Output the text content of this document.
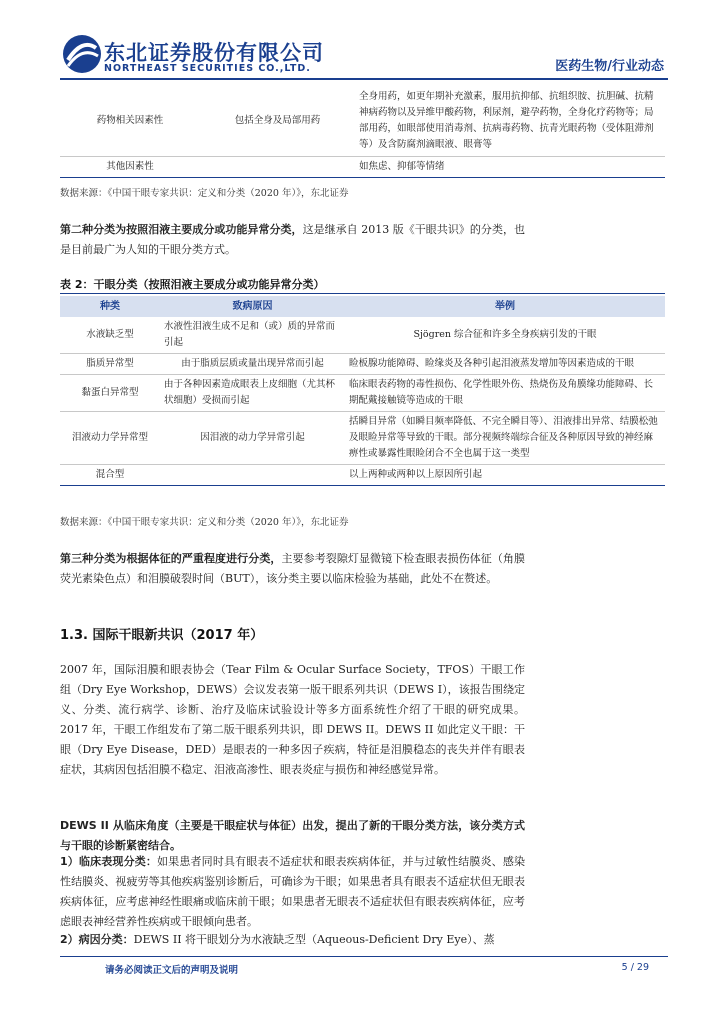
东北证券股份有限公司
NORTHEAST SECURITIES CO.,LTD.	医药生物/行业动态
药物相关因素性	包括全身及局部用药	全身用药，如更年期补充激素，服用抗抑郁、抗组织胺、抗胆碱、抗精神病药物以及异维甲酸药物，利尿剂，避孕药物，全身化疗药物等；局部用药，如眼部使用消毒剂、抗病毒药物、抗青光眼药物（受体阻滞剂等）及含防腐剂滴眼液、眼膏等
其他因素性		如焦虑、抑郁等情绪
数据来源：《中国干眼专家共识：定义和分类（2020 年）》，东北证券
第二种分类为按照泪液主要成分或功能异常分类，这是继承自 2013 版《干眼共识》的分类，也是目前最广为人知的干眼分类方式。
表 2：干眼分类（按照泪液主要成分或功能异常分类）
种类	致病原因	举例
水液缺乏型	水液性泪液生成不足和（或）质的异常而引起	Sjögren 综合征和许多全身疾病引发的干眼
脂质异常型	由于脂质层质或量出现异常而引起	睑板腺功能障碍、睑缘炎及各种引起泪液蒸发增加等因素造成的干眼
黏蛋白异常型	由于各种因素造成眼表上皮细胞（尤其杯状细胞）受损而引起	临床眼表药物的毒性损伤、化学性眼外伤、热烧伤及角膜缘功能障碍、长期配戴接触镜等造成的干眼
泪液动力学异常型	因泪液的动力学异常引起	括瞬目异常（如瞬目频率降低、不完全瞬目等）、泪液排出异常、结膜松弛及眼睑异常等导致的干眼。部分视频终端综合征及各种原因导致的神经麻痹性或暴露性眼睑闭合不全也属于这一类型
混合型		以上两种或两种以上原因所引起
数据来源：《中国干眼专家共识：定义和分类（2020 年）》，东北证券
第三种分类为根据体征的严重程度进行分类，主要参考裂隙灯显微镜下检查眼表损伤体征（角膜荧光素染色点）和泪膜破裂时间（BUT），该分类主要以临床检验为基础，此处不在赘述。
1.3. 国际干眼新共识（2017 年）
2007 年，国际泪膜和眼表协会（Tear Film & Ocular Surface Society，TFOS）干眼工作组（Dry Eye Workshop，DEWS）会议发表第一版干眼系列共识（DEWS I），该报告围绕定义、分类、流行病学、诊断、治疗及临床试验设计等多方面系统性介绍了干眼的研究成果。2017 年，干眼工作组发布了第二版干眼系列共识，即 DEWS II。DEWS II 如此定义干眼：干眼（Dry Eye Disease，DED）是眼表的一种多因子疾病，特征是泪膜稳态的丧失并伴有眼表症状，其病因包括泪膜不稳定、泪液高渗性、眼表炎症与损伤和神经感觉异常。
DEWS II 从临床角度（主要是干眼症状与体征）出发，提出了新的干眼分类方法，该分类方式与干眼的诊断紧密结合。
1）临床表现分类：如果患者同时具有眼表不适症状和眼表疾病体征，并与过敏性结膜炎、感染性结膜炎、视疲劳等其他疾病鉴别诊断后，可确诊为干眼；如果患者具有眼表不适症状但无眼表疾病体征，应考虑神经性眼痛或临床前干眼；如果患者无眼表不适症状但有眼表疾病体征，应考虑眼表神经营养性疾病或干眼倾向患者。
2）病因分类：DEWS II 将干眼划分为水液缺乏型（Aqueous-Deficient Dry Eye）、蒸
请务必阅读正文后的声明及说明	5 / 29
